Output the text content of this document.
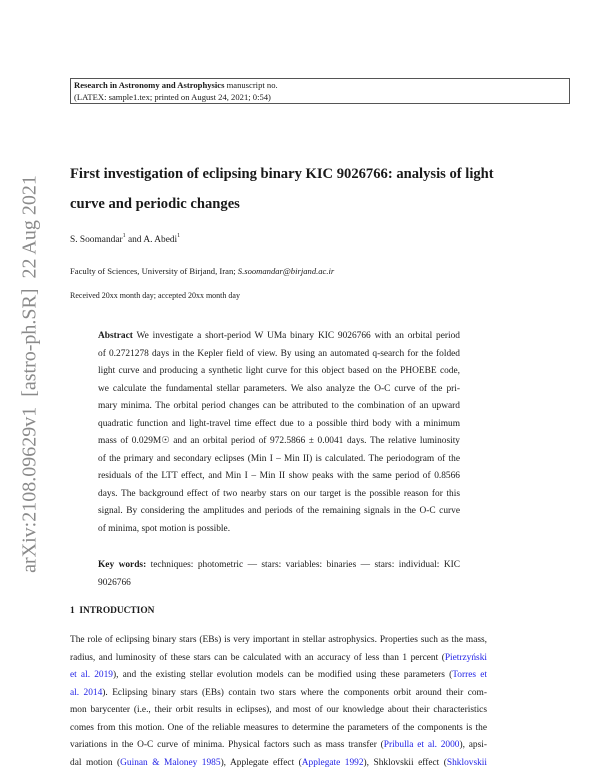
arXiv:2108.09629v1  [astro-ph.SR]  22 Aug 2021
Research in Astronomy and Astrophysics manuscript no.
(LATEX: sample1.tex; printed on August 24, 2021; 0:54)
First investigation of eclipsing binary KIC 9026766: analysis of light
curve and periodic changes
S. Soomandar$^1$ and A. Abedi$^1$
Faculty of Sciences, University of Birjand, Iran; S.soomandar@birjand.ac.ir
Received 20xx month day; accepted 20xx month day
Abstract We investigate a short-period W UMa binary KIC 9026766 with an orbital period
of 0.2721278 days in the Kepler field of view. By using an automated q-search for the folded
light curve and producing a synthetic light curve for this object based on the PHOEBE code,
we calculate the fundamental stellar parameters. We also analyze the O-C curve of the pri-
mary minima. The orbital period changes can be attributed to the combination of an upward
quadratic function and light-travel time effect due to a possible third body with a minimum
mass of 0.029M☉ and an orbital period of 972.5866 ± 0.0041 days. The relative luminosity
of the primary and secondary eclipses (Min I – Min II) is calculated. The periodogram of the
residuals of the LTT effect, and Min I – Min II show peaks with the same period of 0.8566
days. The background effect of two nearby stars on our target is the possible reason for this
signal. By considering the amplitudes and periods of the remaining signals in the O-C curve
of minima, spot motion is possible.
Key words: techniques: photometric — stars: variables: binaries — stars: individual: KIC
9026766
1 INTRODUCTION
The role of eclipsing binary stars (EBs) is very important in stellar astrophysics. Properties such as the mass,
radius, and luminosity of these stars can be calculated with an accuracy of less than 1 percent (Pietrzyński
et al. 2019), and the existing stellar evolution models can be modified using these parameters (Torres et
al. 2014). Eclipsing binary stars (EBs) contain two stars where the components orbit around their com-
mon barycenter (i.e., their orbit results in eclipses), and most of our knowledge about their characteristics
comes from this motion. One of the reliable measures to determine the parameters of the components is the
variations in the O-C curve of minima. Physical factors such as mass transfer (Pribulla et al. 2000), apsi-
dal motion (Guinan & Maloney 1985), Applegate effect (Applegate 1992), Shklovskii effect (Shklovskii
